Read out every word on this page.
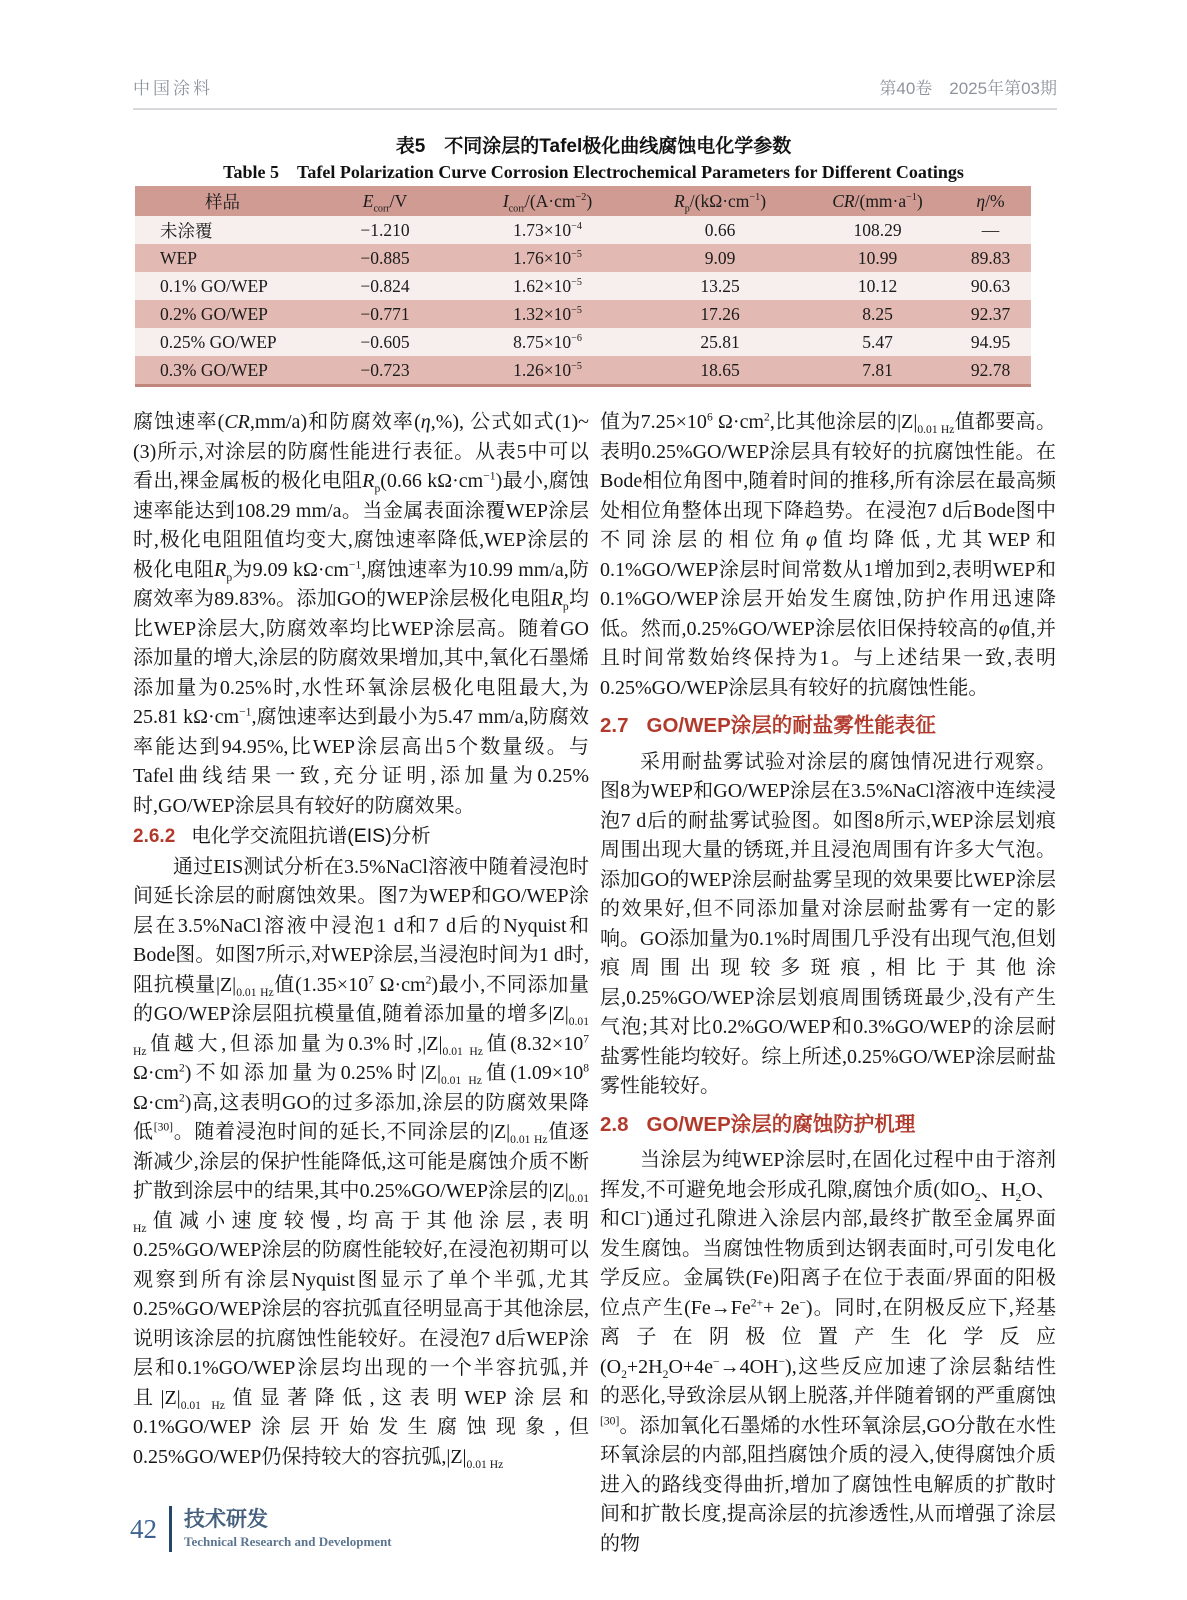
中国涂料	第40卷　2025年第03期
表5　不同涂层的Tafel极化曲线腐蚀电化学参数
Table 5　Tafel Polarization Curve Corrosion Electrochemical Parameters for Different Coatings
样品	$E_{corr}/V$	$I_{corr}/(A\cdot cm^{-2})$	$R_p/(k\Omega\cdot cm^{-1})$	$CR/(mm\cdot a^{-1})$	η/%
未涂覆	−1.210	$1.73\times 10^{-4}$	0.66	108.29	—
WEP	−0.885	$1.76\times 10^{-5}$	9.09	10.99	89.83
0.1% GO/WEP	−0.824	$1.62\times 10^{-5}$	13.25	10.12	90.63
0.2% GO/WEP	−0.771	$1.32\times 10^{-5}$	17.26	8.25	92.37
0.25% GO/WEP	−0.605	$8.75\times 10^{-6}$	25.81	5.47	94.95
0.3% GO/WEP	−0.723	$1.26\times 10^{-5}$	18.65	7.81	92.78

腐蚀速率(CR,mm/a)和防腐效率(η,%), 公式如式(1)~(3)所示,对涂层的防腐性能进行表征。从表5中可以看出,裸金属板的极化电阻$R_p(0.66$ $k\Omega\cdot cm^{-1}$)最小,腐蚀速率能达到108.29 mm/a。当金属表面涂覆WEP涂层时,极化电阻阻值均变大,腐蚀速率降低,WEP涂层的极化电阻$R_p$为9.09 $k\Omega\cdot cm^{-1}$,腐蚀速率为10.99 mm/a,防腐效率为89.83%。添加GO的WEP涂层极化电阻$R_p$均比WEP涂层大,防腐效率均比WEP涂层高。随着GO添加量的增大,涂层的防腐效果增加,其中,氧化石墨烯添加量为0.25%时,水性环氧涂层极化电阻最大,为25.81 $k\Omega\cdot cm^{-1}$,腐蚀速率达到最小为5.47 mm/a,防腐效率能达到94.95%,比WEP涂层高出5个数量级。与Tafel曲线结果一致,充分证明,添加量为0.25%时,GO/WEP涂层具有较好的防腐效果。

2.6.2 电化学交流阻抗谱(EIS)分析

通过EIS测试分析在3.5%NaCl溶液中随着浸泡时间延长涂层的耐腐蚀效果。图7为WEP和GO/WEP涂层在3.5%NaCl溶液中浸泡1 d和7 d后的Nyquist和Bode图。如图7所示,对WEP涂层,当浸泡时间为1 d时,阻抗模量$|Z|_{0.01 Hz}$值($1.35\times 10^7$ $\Omega\cdot cm^2$)最小,不同添加量的GO/WEP涂层阻抗模量值,随着添加量的增多$|Z|_{0.01 Hz}$值越大,但添加量为0.3%时$,|Z|_{0.01 Hz}$值($8.32\times 10^7$ $\Omega\cdot cm^2$)不如添加量为0.25%时$|Z|_{0.01 Hz}$值($1.09\times 10^8$ $\Omega\cdot cm^2$)高,这表明GO的过多添加,涂层的防腐效果降低[30]。随着浸泡时间的延长,不同涂层的$|Z|_{0.01 Hz}$值逐渐减少,涂层的保护性能降低,这可能是腐蚀介质不断扩散到涂层中的结果,其中0.25%GO/WEP涂层的$|Z|_{0.01 Hz}$值减小速度较慢,均高于其他涂层,表明0.25%GO/WEP涂层的防腐性能较好,在浸泡初期可以观察到所有涂层Nyquist图显示了单个半弧,尤其0.25%GO/WEP涂层的容抗弧直径明显高于其他涂层,说明该涂层的抗腐蚀性能较好。在浸泡7 d后WEP涂层和0.1%GO/WEP涂层均出现的一个半容抗弧,并且$|Z|_{0.01 Hz}$值显著降低,这表明WEP涂层和0.1%GO/WEP涂层开始发生腐蚀现象,但0.25%GO/WEP仍保持较大的容抗弧$,|Z|_{0.01 Hz}$

值为$7.25\times 10^6$ $\Omega\cdot cm^2$,比其他涂层的$|Z|_{0.01 Hz}$值都要高。表明0.25%GO/WEP涂层具有较好的抗腐蚀性能。在Bode相位角图中,随着时间的推移,所有涂层在最高频处相位角整体出现下降趋势。在浸泡7 d后Bode图中不同涂层的相位角φ值均降低,尤其WEP和0.1%GO/WEP涂层时间常数从1增加到2,表明WEP和0.1%GO/WEP涂层开始发生腐蚀,防护作用迅速降低。然而,0.25%GO/WEP涂层依旧保持较高的φ值,并且时间常数始终保持为1。与上述结果一致,表明0.25%GO/WEP涂层具有较好的抗腐蚀性能。

2.7 GO/WEP涂层的耐盐雾性能表征

采用耐盐雾试验对涂层的腐蚀情况进行观察。图8为WEP和GO/WEP涂层在3.5%NaCl溶液中连续浸泡7 d后的耐盐雾试验图。如图8所示,WEP涂层划痕周围出现大量的锈斑,并且浸泡周围有许多大气泡。添加GO的WEP涂层耐盐雾呈现的效果要比WEP涂层的效果好,但不同添加量对涂层耐盐雾有一定的影响。GO添加量为0.1%时周围几乎没有出现气泡,但划痕周围出现较多斑痕,相比于其他涂层,0.25%GO/WEP涂层划痕周围锈斑最少,没有产生气泡;其对比0.2%GO/WEP和0.3%GO/WEP的涂层耐盐雾性能均较好。综上所述,0.25%GO/WEP涂层耐盐雾性能较好。

2.8 GO/WEP涂层的腐蚀防护机理

当涂层为纯WEP涂层时,在固化过程中由于溶剂挥发,不可避免地会形成孔隙,腐蚀介质(如$O_2$、$H_2O$、和Cl−)通过孔隙进入涂层内部,最终扩散至金属界面发生腐蚀。当腐蚀性物质到达钢表面时,可引发电化学反应。金属铁(Fe)阳离子在位于表面/界面的阳极位点产生$(Fe\to Fe^{2+}+ 2e^-)$。同时,在阴极反应下,羟基离子在阴极位置产生化学反应$(O_2+2H_2O+4e^-\to 4OH^-)$,这些反应加速了涂层黏结性的恶化,导致涂层从钢上脱落,并伴随着钢的严重腐蚀[30]。添加氧化石墨烯的水性环氧涂层,GO分散在水性环氧涂层的内部,阻挡腐蚀介质的浸入,使得腐蚀介质进入的路线变得曲折,增加了腐蚀性电解质的扩散时间和扩散长度,提高涂层的抗渗透性,从而增强了涂层的物

42 技术研发
Technical Research and Development
